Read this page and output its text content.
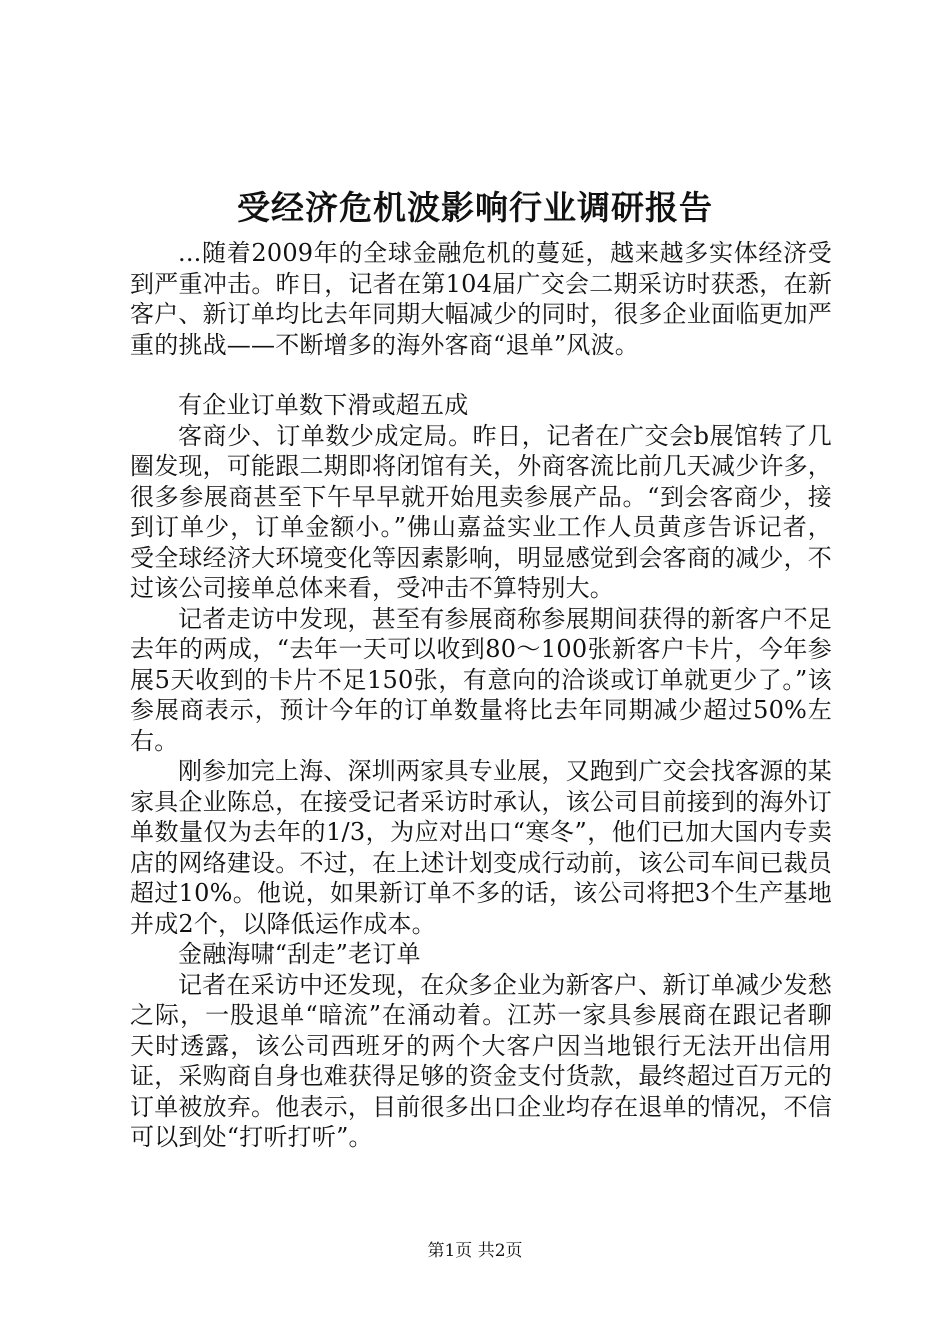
受经济危机波影响行业调研报告

...随着2009年的全球金融危机的蔓延，越来越多实体经济受到严重冲击。昨日，记者在第104届广交会二期采访时获悉，在新客户、新订单均比去年同期大幅减少的同时，很多企业面临更加严重的挑战——不断增多的海外客商“退单”风波。

有企业订单数下滑或超五成

客商少、订单数少成定局。昨日，记者在广交会b展馆转了几圈发现，可能跟二期即将闭馆有关，外商客流比前几天减少许多，很多参展商甚至下午早早就开始甩卖参展产品。“到会客商少，接到订单少，订单金额小。”佛山嘉益实业工作人员黄彦告诉记者，受全球经济大环境变化等因素影响，明显感觉到会客商的减少，不过该公司接单总体来看，受冲击不算特别大。

记者走访中发现，甚至有参展商称参展期间获得的新客户不足去年的两成，“去年一天可以收到80～100张新客户卡片，今年参展5天收到的卡片不足150张，有意向的洽谈或订单就更少了。”该参展商表示，预计今年的订单数量将比去年同期减少超过50%左右。

刚参加完上海、深圳两家具专业展，又跑到广交会找客源的某家具企业陈总，在接受记者采访时承认，该公司目前接到的海外订单数量仅为去年的1/3，为应对出口“寒冬”，他们已加大国内专卖店的网络建设。不过，在上述计划变成行动前，该公司车间已裁员超过10%。他说，如果新订单不多的话，该公司将把3个生产基地并成2个，以降低运作成本。

金融海啸“刮走”老订单

记者在采访中还发现，在众多企业为新客户、新订单减少发愁之际，一股退单“暗流”在涌动着。江苏一家具参展商在跟记者聊天时透露，该公司西班牙的两个大客户因当地银行无法开出信用证，采购商自身也难获得足够的资金支付货款，最终超过百万元的订单被放弃。他表示，目前很多出口企业均存在退单的情况，不信可以到处“打听打听”。

第1页 共2页
